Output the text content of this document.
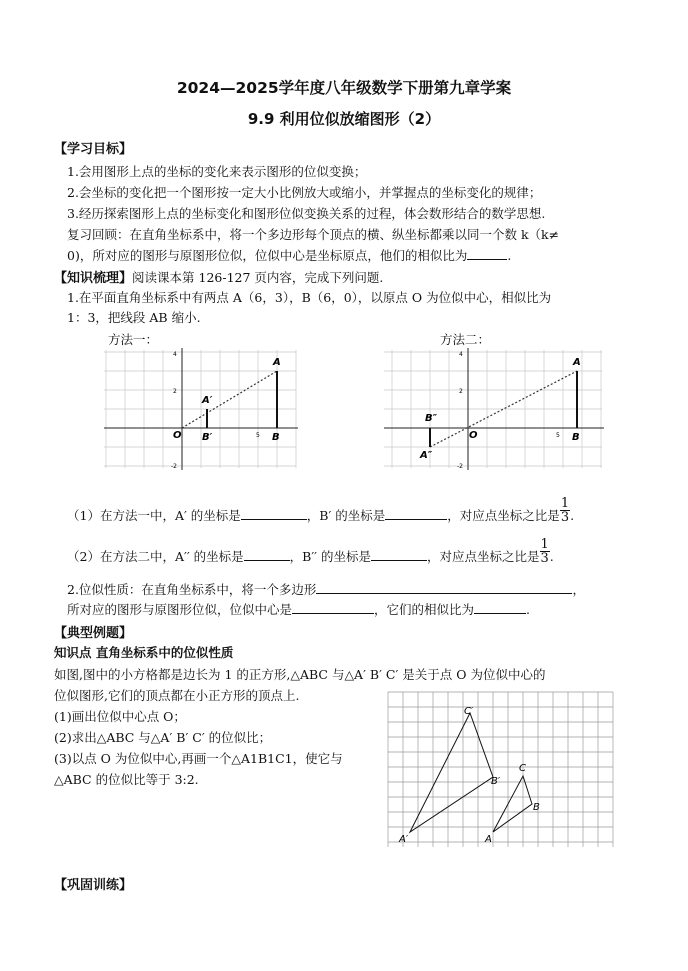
2024—2025学年度八年级数学下册第九章学案
9.9 利用位似放缩图形（2）
【学习目标】
1.会用图形上点的坐标的变化来表示图形的位似变换；
2.会坐标的变化把一个图形按一定大小比例放大或缩小，并掌握点的坐标变化的规律；
3.经历探索图形上点的坐标变化和图形位似变换关系的过程，体会数形结合的数学思想.
复习回顾：在直角坐标系中，将一个多边形每个顶点的横、纵坐标都乘以同一个数 k（k≠
0)，所对应的图形与原图形位似，位似中心是坐标原点，他们的相似比为	.
【知识梳理】阅读课本第 126-127 页内容，完成下列问题.
1.在平面直角坐标系中有两点 A（6，3），B（6，0），以原点 O 为位似中心，相似比为
1：3，把线段 AB 缩小.
方法一：	方法二：
4
2
-2
5
O
A
A′
B′	B
4
2
-2
5
O
A
B″
A″
B
（1）在方法一中，A′ 的坐标是	，B′ 的坐标是	，对应点坐标之比是 $\frac{1}{3}$ .
（2）在方法二中，A′′ 的坐标是	，B′′ 的坐标是	，对应点坐标之比是 $\frac{1}{3}$ .
2.位似性质：在直角坐标系中，将一个多边形	，
所对应的图形与原图形位似，位似中心是	，它们的相似比为	.
【典型例题】
知识点 直角坐标系中的位似性质
如图,图中的小方格都是边长为 1 的正方形,△ABC 与△A′ B′ C′ 是关于点 O 为位似中心的
位似图形,它们的顶点都在小正方形的顶点上.
(1)画出位似中心点 O；
(2)求出△ABC 与△A′ B′ C′ 的位似比；
(3)以点 O 为位似中心,再画一个△A1B1C1，使它与
△ABC 的位似比等于 3:2.
C′
B′
A′
C
B
A
【巩固训练】
